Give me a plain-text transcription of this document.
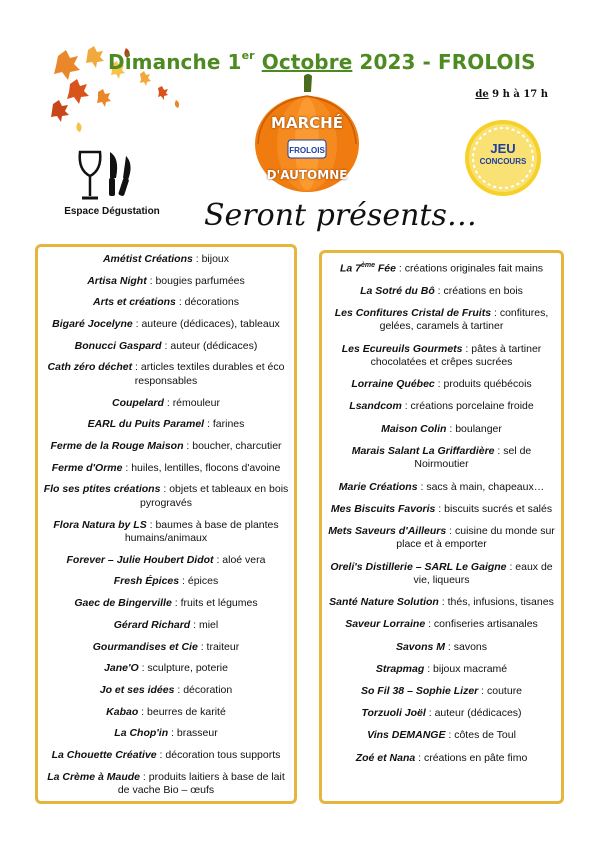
Dimanche 1er Octobre 2023 - FROLOIS
de 9 h à 17 h
MARCHÉ
FROLOIS
D'AUTOMNE
JEU
CONCOURS
Espace Dégustation Seront présents…
Amétist Créations : bijoux
Artisa Night : bougies parfumées
Arts et créations : décorations
Bigaré Jocelyne : auteure (dédicaces), tableaux
Bonucci Gaspard : auteur (dédicaces)
Cath zéro déchet : articles textiles durables et éco responsables
Coupelard : rémouleur
EARL du Puits Paramel : farines
Ferme de la Rouge Maison : boucher, charcutier
Ferme d'Orme : huiles, lentilles, flocons d'avoine
Flo ses ptites créations : objets et tableaux en bois pyrogravés
Flora Natura by LS : baumes à base de plantes humains/animaux
Forever – Julie Houbert Didot : aloé vera
Fresh Épices : épices
Gaec de Bingerville : fruits et légumes
Gérard Richard : miel
Gourmandises et Cie : traiteur
Jane'O : sculpture, poterie
Jo et ses idées : décoration
Kabao : beurres de karité
La Chop'in : brasseur
La Chouette Créative : décoration tous supports
La Crème à Maude : produits laitiers à base de lait de vache Bio – œufs
La 7ème Fée : créations originales fait mains
La Sotré du Bô : créations en bois
Les Confitures Cristal de Fruits : confitures, gelées, caramels à tartiner
Les Ecureuils Gourmets : pâtes à tartiner chocolatées et crêpes sucrées
Lorraine Québec : produits québécois
Lsandcom : créations porcelaine froide
Maison Colin : boulanger
Marais Salant La Griffardière : sel de Noirmoutier
Marie Créations : sacs à main, chapeaux…
Mes Biscuits Favoris : biscuits sucrés et salés
Mets Saveurs d'Ailleurs : cuisine du monde sur place et à emporter
Oreli's Distillerie – SARL Le Gaigne : eaux de vie, liqueurs
Santé Nature Solution : thés, infusions, tisanes
Saveur Lorraine : confiseries artisanales
Savons M : savons
Strapmag : bijoux macramé
So Fil 38 – Sophie Lizer : couture
Torzuoli Joël : auteur (dédicaces)
Vins DEMANGE : côtes de Toul
Zoé et Nana : créations en pâte fimo
